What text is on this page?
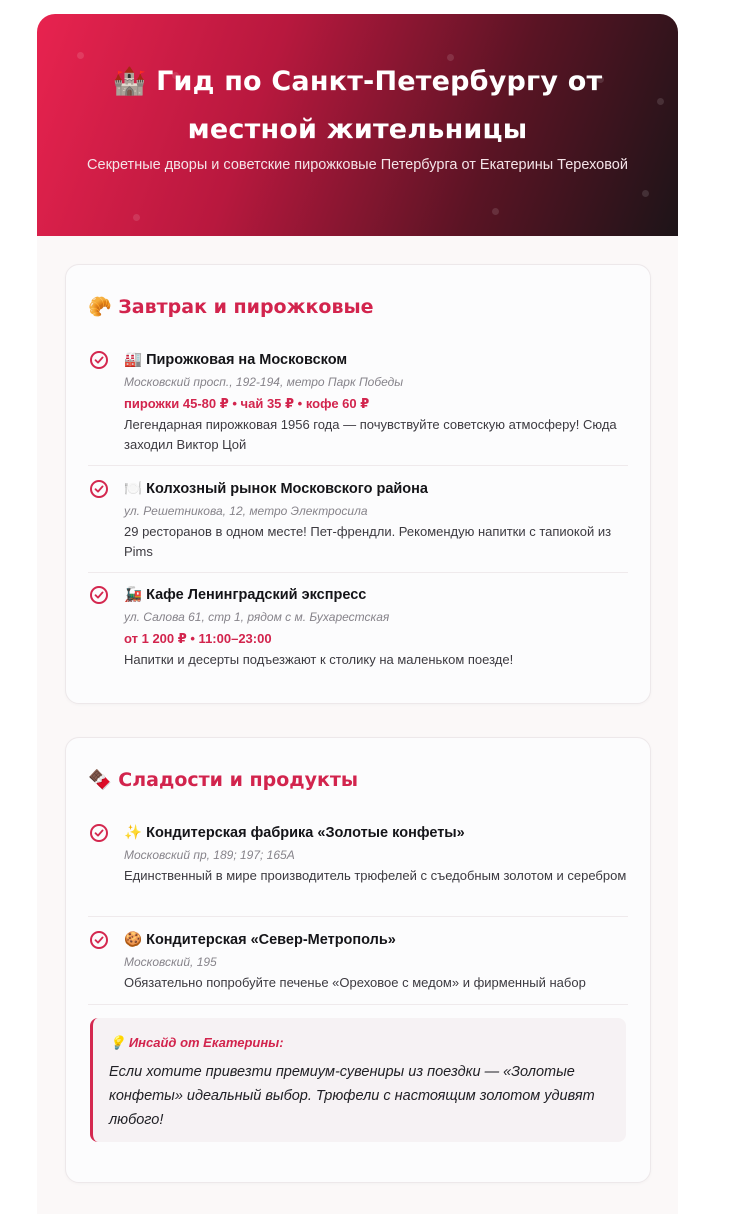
🏰 Гид по Санкт-Петербургу от местной жительницы
Секретные дворы и советские пирожковые Петербурга от Екатерины Тереховой
🥐 Завтрак и пирожковые
🏭 Пирожковая на Московском
Московский просп., 192-194, метро Парк Победы
пирожки 45-80 ₽ • чай 35 ₽ • кофе 60 ₽
Легендарная пирожковая 1956 года — почувствуйте советскую атмосферу! Сюда заходил Виктор Цой
🍽️ Колхозный рынок Московского района
ул. Решетникова, 12, метро Электросила
29 ресторанов в одном месте! Пет-френдли. Рекомендую напитки с тапиокой из Pims
🚂 Кафе Ленинградский экспресс
ул. Салова 61, стр 1, рядом с м. Бухарестская
от 1 200 ₽ • 11:00–23:00
Напитки и десерты подъезжают к столику на маленьком поезде!
🍫 Сладости и продукты
✨ Кондитерская фабрика «Золотые конфеты»
Московский пр, 189; 197; 165А
Единственный в мире производитель трюфелей с съедобным золотом и серебром
🍪 Кондитерская «Север-Метрополь»
Московский, 195
Обязательно попробуйте печенье «Ореховое с медом» и фирменный набор
💡 Инсайд от Екатерины:
Если хотите привезти премиум-сувениры из поездки — «Золотые конфеты» идеальный выбор. Трюфели с настоящим золотом удивят любого!
